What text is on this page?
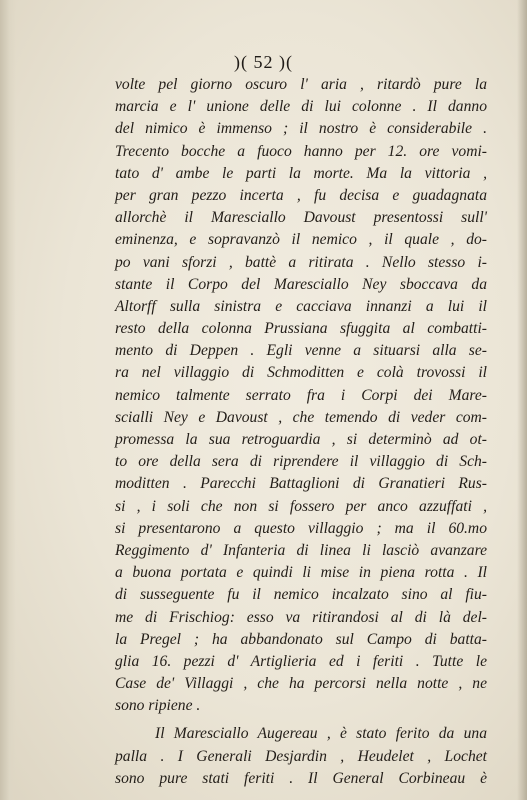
)( 52 )(
volte pel giorno oscuro l' aria , ritardò pure la
marcia e l' unione delle di lui colonne . Il danno
del nimico è immenso ; il nostro è considerabile .
Trecento bocche a fuoco hanno per 12. ore vomi-
tato d' ambe le parti la morte. Ma la vittoria ,
per gran pezzo incerta , fu decisa e guadagnata
allorchè il Maresciallo Davoust presentossi sull'
eminenza, e sopravanzò il nemico , il quale , do-
po vani sforzi , battè a ritirata . Nello stesso i-
stante il Corpo del Maresciallo Ney sboccava da
Altorff sulla sinistra e cacciava innanzi a lui il
resto della colonna Prussiana sfuggita al combatti-
mento di Deppen . Egli venne a situarsi alla se-
ra nel villaggio di Schmoditten e colà trovossi il
nemico talmente serrato fra i Corpi dei Mare-
scialli Ney e Davoust , che temendo di veder com-
promessa la sua retroguardia , si determinò ad ot-
to ore della sera di riprendere il villaggio di Sch-
moditten . Parecchi Battaglioni di Granatieri Rus-
si , i soli che non si fossero per anco azzuffati ,
si presentarono a questo villaggio ; ma il 60.mo
Reggimento d' Infanteria di linea li lasciò avanzare
a buona portata e quindi li mise in piena rotta . Il
di susseguente fu il nemico incalzato sino al fiu-
me di Frischiog: esso va ritirandosi al di là del-
la Pregel ; ha abbandonato sul Campo di batta-
glia 16. pezzi d' Artiglieria ed i feriti . Tutte le
Case de' Villaggi , che ha percorsi nella notte , ne
sono ripiene .
Il Maresciallo Augereau , è stato ferito da una
palla . I Generali Desjardin , Heudelet , Lochet
sono pure stati feriti . Il General Corbineau è
